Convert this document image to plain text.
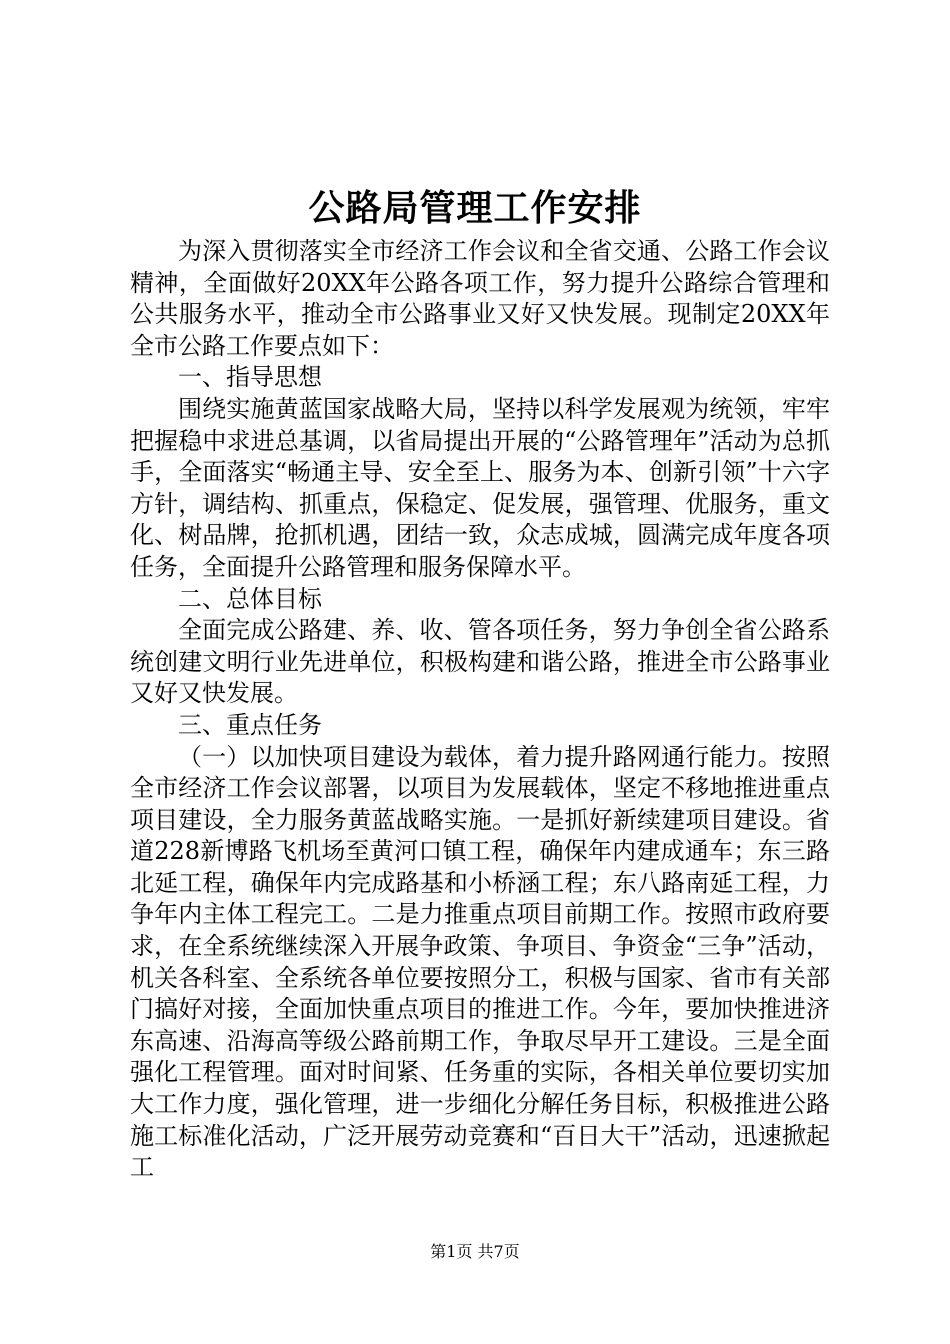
公路局管理工作安排

为深入贯彻落实全市经济工作会议和全省交通、公路工作会议精神，全面做好20XX年公路各项工作，努力提升公路综合管理和公共服务水平，推动全市公路事业又好又快发展。现制定20XX年全市公路工作要点如下：

一、指导思想

围绕实施黄蓝国家战略大局，坚持以科学发展观为统领，牢牢把握稳中求进总基调，以省局提出开展的“公路管理年”活动为总抓手，全面落实“畅通主导、安全至上、服务为本、创新引领”十六字方针，调结构、抓重点，保稳定、促发展，强管理、优服务，重文化、树品牌，抢抓机遇，团结一致，众志成城，圆满完成年度各项任务，全面提升公路管理和服务保障水平。

二、总体目标

全面完成公路建、养、收、管各项任务，努力争创全省公路系统创建文明行业先进单位，积极构建和谐公路，推进全市公路事业又好又快发展。

三、重点任务

（一）以加快项目建设为载体，着力提升路网通行能力。按照全市经济工作会议部署，以项目为发展载体，坚定不移地推进重点项目建设，全力服务黄蓝战略实施。一是抓好新续建项目建设。省道228新博路飞机场至黄河口镇工程，确保年内建成通车；东三路北延工程，确保年内完成路基和小桥涵工程；东八路南延工程，力争年内主体工程完工。二是力推重点项目前期工作。按照市政府要求，在全系统继续深入开展争政策、争项目、争资金“三争”活动，机关各科室、全系统各单位要按照分工，积极与国家、省市有关部门搞好对接，全面加快重点项目的推进工作。今年，要加快推进济东高速、沿海高等级公路前期工作，争取尽早开工建设。三是全面强化工程管理。面对时间紧、任务重的实际，各相关单位要切实加大工作力度，强化管理，进一步细化分解任务目标，积极推进公路施工标准化活动，广泛开展劳动竞赛和“百日大干”活动，迅速掀起工

第1页 共7页
